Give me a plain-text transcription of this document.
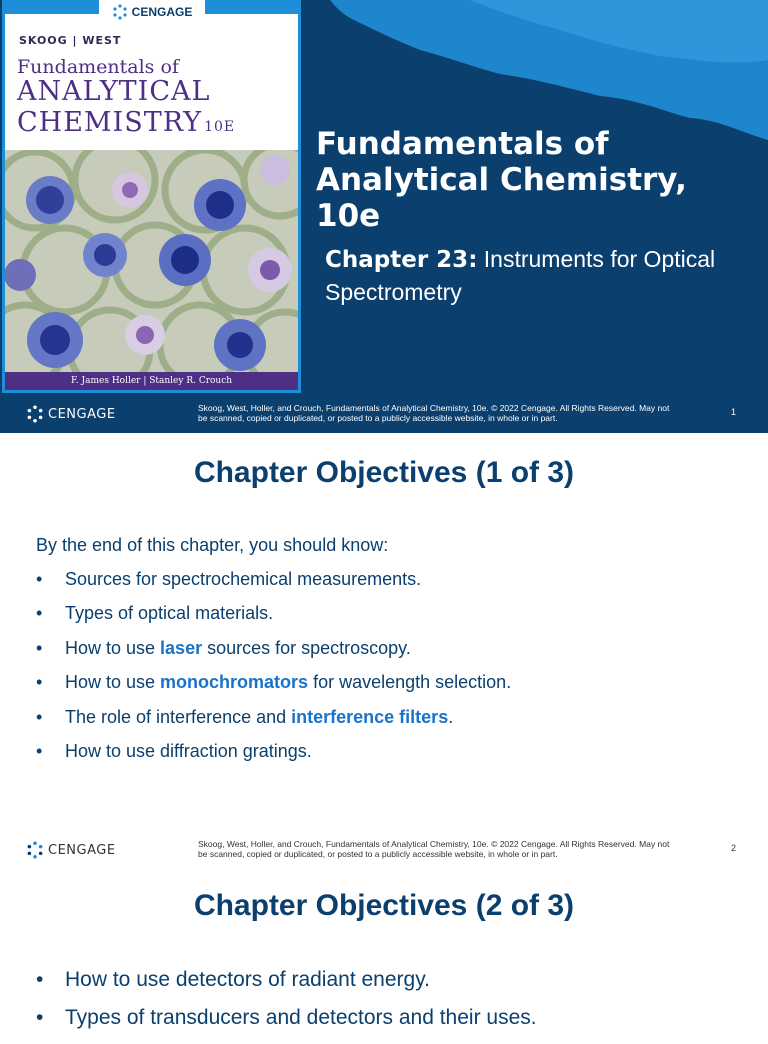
SKOOG | WEST
Fundamentals of
ANALYTICAL
CHEMISTRY 10E
F. James Holler | Stanley R. Crouch
CENGAGE
Fundamentals of Analytical Chemistry, 10e
Chapter 23: Instruments for Optical Spectrometry
CENGAGE	Skoog, West, Holler, and Crouch, Fundamentals of Analytical Chemistry, 10e. © 2022 Cengage. All Rights Reserved. May not be scanned, copied or duplicated, or posted to a publicly accessible website, in whole or in part.
1
Chapter Objectives (1 of 3)
By the end of this chapter, you should know:
• Sources for spectrochemical measurements.
• Types of optical materials.
• How to use laser sources for spectroscopy.
• How to use monochromators for wavelength selection.
• The role of interference and interference filters.
• How to use diffraction gratings.
CENGAGE	Skoog, West, Holler, and Crouch, Fundamentals of Analytical Chemistry, 10e. © 2022 Cengage. All Rights Reserved. May not be scanned, copied or duplicated, or posted to a publicly accessible website, in whole or in part.
2
Chapter Objectives (2 of 3)
• How to use detectors of radiant energy.
• Types of transducers and detectors and their uses.
